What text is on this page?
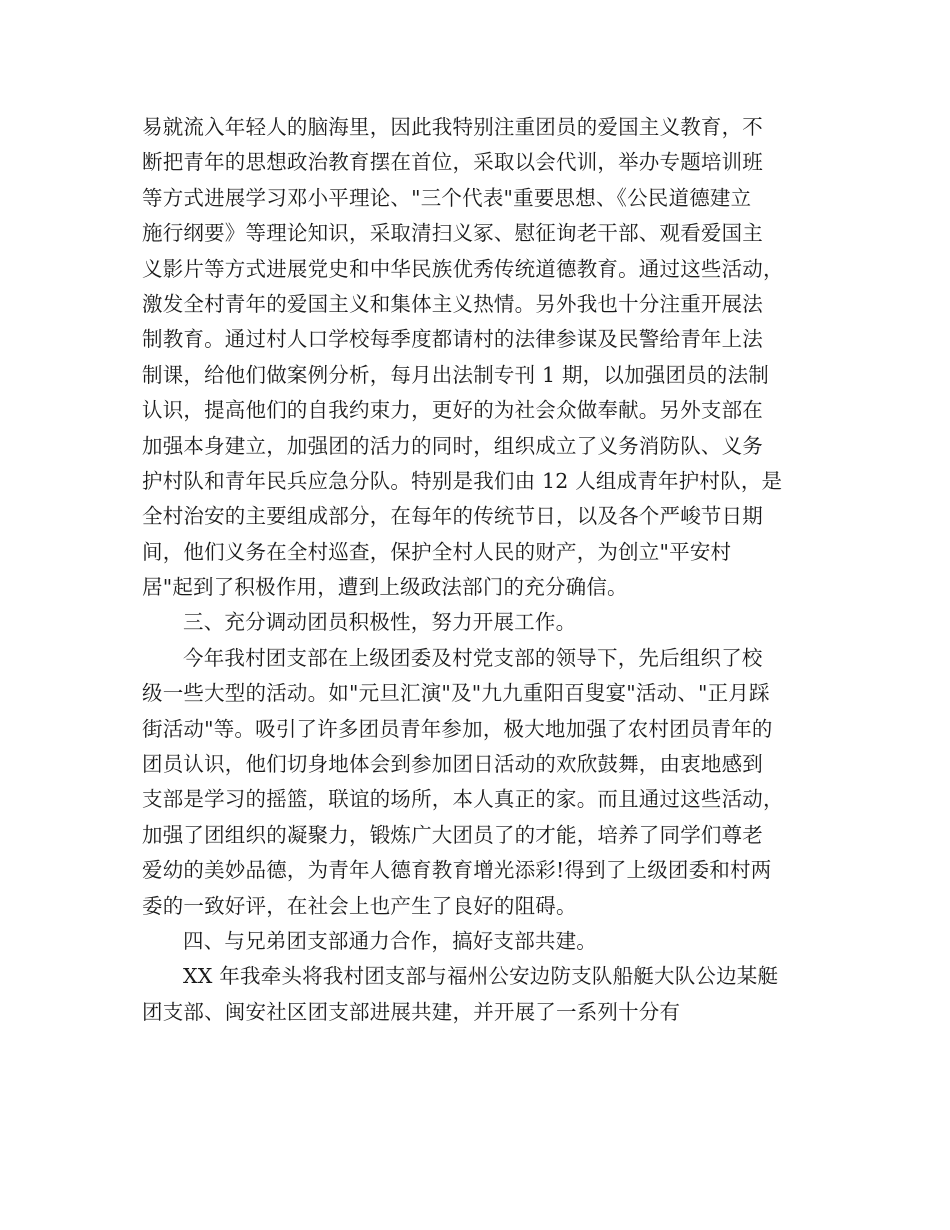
易就流入年轻人的脑海里，因此我特别注重团员的爱国主义教育，不
断把青年的思想政治教育摆在首位，采取以会代训，举办专题培训班
等方式进展学习邓小平理论、"三个代表"重要思想、《公民道德建立
施行纲要》等理论知识，采取清扫义冢、慰征询老干部、观看爱国主
义影片等方式进展党史和中华民族优秀传统道德教育。通过这些活动，
激发全村青年的爱国主义和集体主义热情。另外我也十分注重开展法
制教育。通过村人口学校每季度都请村的法律参谋及民警给青年上法
制课，给他们做案例分析，每月出法制专刊 1 期，以加强团员的法制
认识，提高他们的自我约束力，更好的为社会众做奉献。另外支部在
加强本身建立，加强团的活力的同时，组织成立了义务消防队、义务
护村队和青年民兵应急分队。特别是我们由 12 人组成青年护村队，是
全村治安的主要组成部分，在每年的传统节日，以及各个严峻节日期
间，他们义务在全村巡查，保护全村人民的财产，为创立"平安村
居"起到了积极作用，遭到上级政法部门的充分确信。
三、充分调动团员积极性，努力开展工作。
今年我村团支部在上级团委及村党支部的领导下，先后组织了校
级一些大型的活动。如"元旦汇演"及"九九重阳百叟宴"活动、"正月踩
街活动"等。吸引了许多团员青年参加，极大地加强了农村团员青年的
团员认识，他们切身地体会到参加团日活动的欢欣鼓舞，由衷地感到
支部是学习的摇篮，联谊的场所，本人真正的家。而且通过这些活动，
加强了团组织的凝聚力，锻炼广大团员了的才能，培养了同学们尊老
爱幼的美妙品德，为青年人德育教育增光添彩!得到了上级团委和村两
委的一致好评，在社会上也产生了良好的阻碍。
四、与兄弟团支部通力合作，搞好支部共建。
XX 年我牵头将我村团支部与福州公安边防支队船艇大队公边某艇
团支部、闽安社区团支部进展共建，并开展了一系列十分有
